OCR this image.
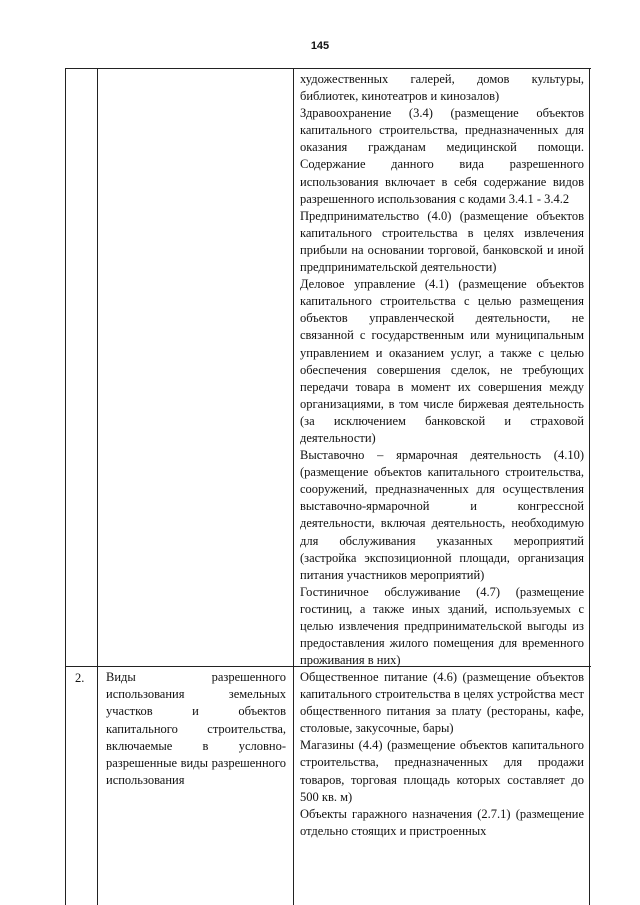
145

художественных галерей, домов культуры, библиотек, кинотеатров и кинозалов)

Здравоохранение (3.4) (размещение объектов капитального строительства, предназначенных для оказания гражданам медицинской помощи. Содержание данного вида разрешенного использования включает в себя содержание видов разрешенного использования с кодами 3.4.1 - 3.4.2

Предпринимательство (4.0) (размещение объектов капитального строительства в целях извлечения прибыли на основании торговой, банковской и иной предпринимательской деятельности)

Деловое управление (4.1) (размещение объектов капитального строительства с целью размещения объектов управленческой деятельности, не связанной с государственным или муниципальным управлением и оказанием услуг, а также с целью обеспечения совершения сделок, не требующих передачи товара в момент их совершения между организациями, в том числе биржевая деятельность (за исключением банковской и страховой деятельности)

Выставочно – ярмарочная деятельность (4.10) (размещение объектов капитального строительства, сооружений, предназначенных для осуществления выставочно-ярмарочной и конгрессной деятельности, включая деятельность, необходимую для обслуживания указанных мероприятий (застройка экспозиционной площади, организация питания участников мероприятий)

Гостиничное обслуживание (4.7) (размещение гостиниц, а также иных зданий, используемых с целью извлечения предпринимательской выгоды из предоставления жилого помещения для временного проживания в них)

2. Виды разрешенного использования земельных участков и объектов капитального строительства, включаемые в условно-разрешенные виды разрешенного использования

Общественное питание (4.6) (размещение объектов капитального строительства в целях устройства мест общественного питания за плату (рестораны, кафе, столовые, закусочные, бары)

Магазины (4.4) (размещение объектов капитального строительства, предназначенных для продажи товаров, торговая площадь которых составляет до 500 кв. м)

Объекты гаражного назначения (2.7.1) (размещение отдельно стоящих и пристроенных
